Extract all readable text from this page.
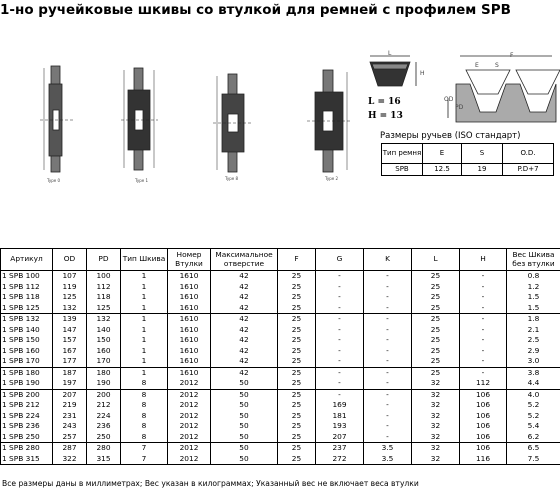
1-но ручейковые шкивы со втулкой для ремней с профилем SPB
Type 0	Type 1	Type 8	Type 2
L
H
L = 16
H = 13
F
E	S
OD
PD
Размеры ручьев (ISO стандарт)
Тип ремня	E	S	O.D.
SPB	12.5	19	P.D+7
Артикул	OD	PD	Тип Шкива	Номер Втулки	Максимальное отверстие	F	G	K	L	H	Вес Шкива без втулки
1 SPB 100	107	100	1	1610	42	25	-	-	25	-	0.8
1 SPB 112	119	112	1	1610	42	25	-	-	25	-	1.2
1 SPB 118	125	118	1	1610	42	25	-	-	25	-	1.5
1 SPB 125	132	125	1	1610	42	25	-	-	25	-	1.5
1 SPB 132	139	132	1	1610	42	25	-	-	25	-	1.8
1 SPB 140	147	140	1	1610	42	25	-	-	25	-	2.1
1 SPB 150	157	150	1	1610	42	25	-	-	25	-	2.5
1 SPB 160	167	160	1	1610	42	25	-	-	25	-	2.9
1 SPB 170	177	170	1	1610	42	25	-	-	25	-	3.0
1 SPB 180	187	180	1	1610	42	25	-	-	25	-	3.8
1 SPB 190	197	190	8	2012	50	25	-	-	32	112	4.4
1 SPB 200	207	200	8	2012	50	25	-	-	32	106	4.0
1 SPB 212	219	212	8	2012	50	25	169	-	32	106	5.2
1 SPB 224	231	224	8	2012	50	25	181	-	32	106	5.2
1 SPB 236	243	236	8	2012	50	25	193	-	32	106	5.4
1 SPB 250	257	250	8	2012	50	25	207	-	32	106	6.2
1 SPB 280	287	280	7	2012	50	25	237	3.5	32	106	6.5
1 SPB 315	322	315	7	2012	50	25	272	3.5	32	116	7.5
Все размеры даны в миллиметрах; Вес указан в килограммах; Указанный вес не включает веса втулки
